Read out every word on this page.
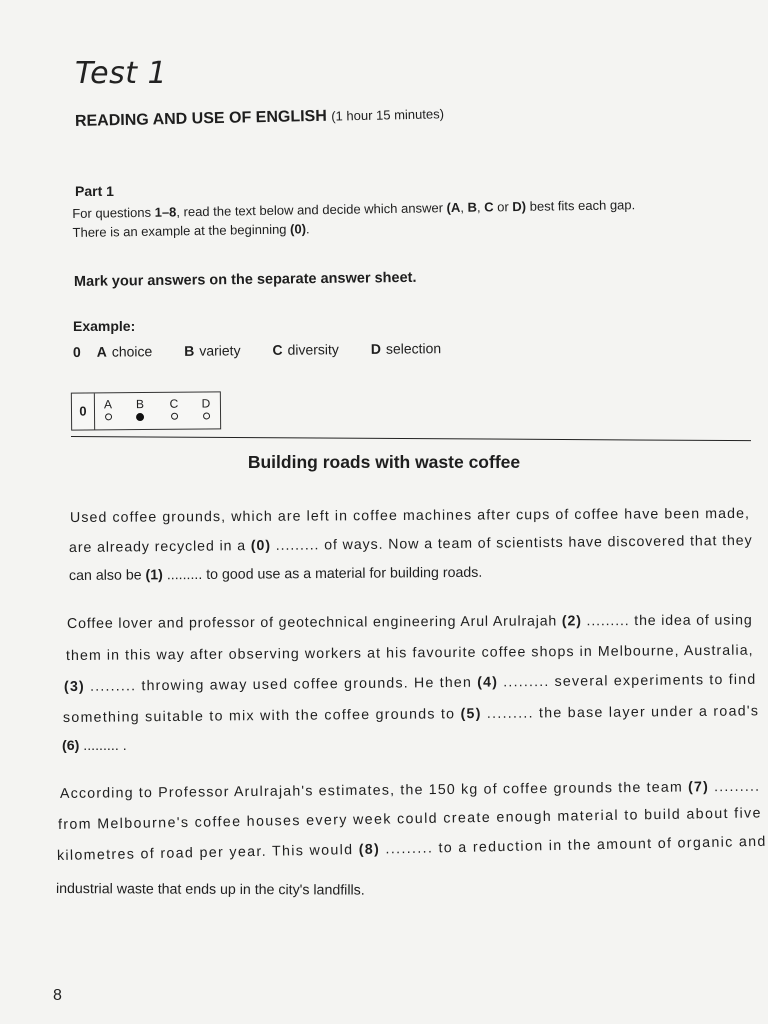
Test 1
READING AND USE OF ENGLISH (1 hour 15 minutes)
Part 1
For questions 1–8, read the text below and decide which answer (A, B, C or D) best fits each gap.
There is an example at the beginning (0).
Mark your answers on the separate answer sheet.
Example:
0 A choice B variety C diversity D selection
0	A	B	C	D
Building roads with waste coffee
Used coffee grounds, which are left in coffee machines after cups of coffee have been made,
are already recycled in a (0) ......... of ways. Now a team of scientists have discovered that they
can also be (1) ......... to good use as a material for building roads.
Coffee lover and professor of geotechnical engineering Arul Arulrajah (2) ......... the idea of using
them in this way after observing workers at his favourite coffee shops in Melbourne, Australia,
(3) ......... throwing away used coffee grounds. He then (4) ......... several experiments to find
something suitable to mix with the coffee grounds to (5) ......... the base layer under a road's
(6) ......... .
According to Professor Arulrajah's estimates, the 150 kg of coffee grounds the team (7) .........
from Melbourne's coffee houses every week could create enough material to build about five
kilometres of road per year. This would (8) ......... to a reduction in the amount of organic and
industrial waste that ends up in the city's landfills.
8
